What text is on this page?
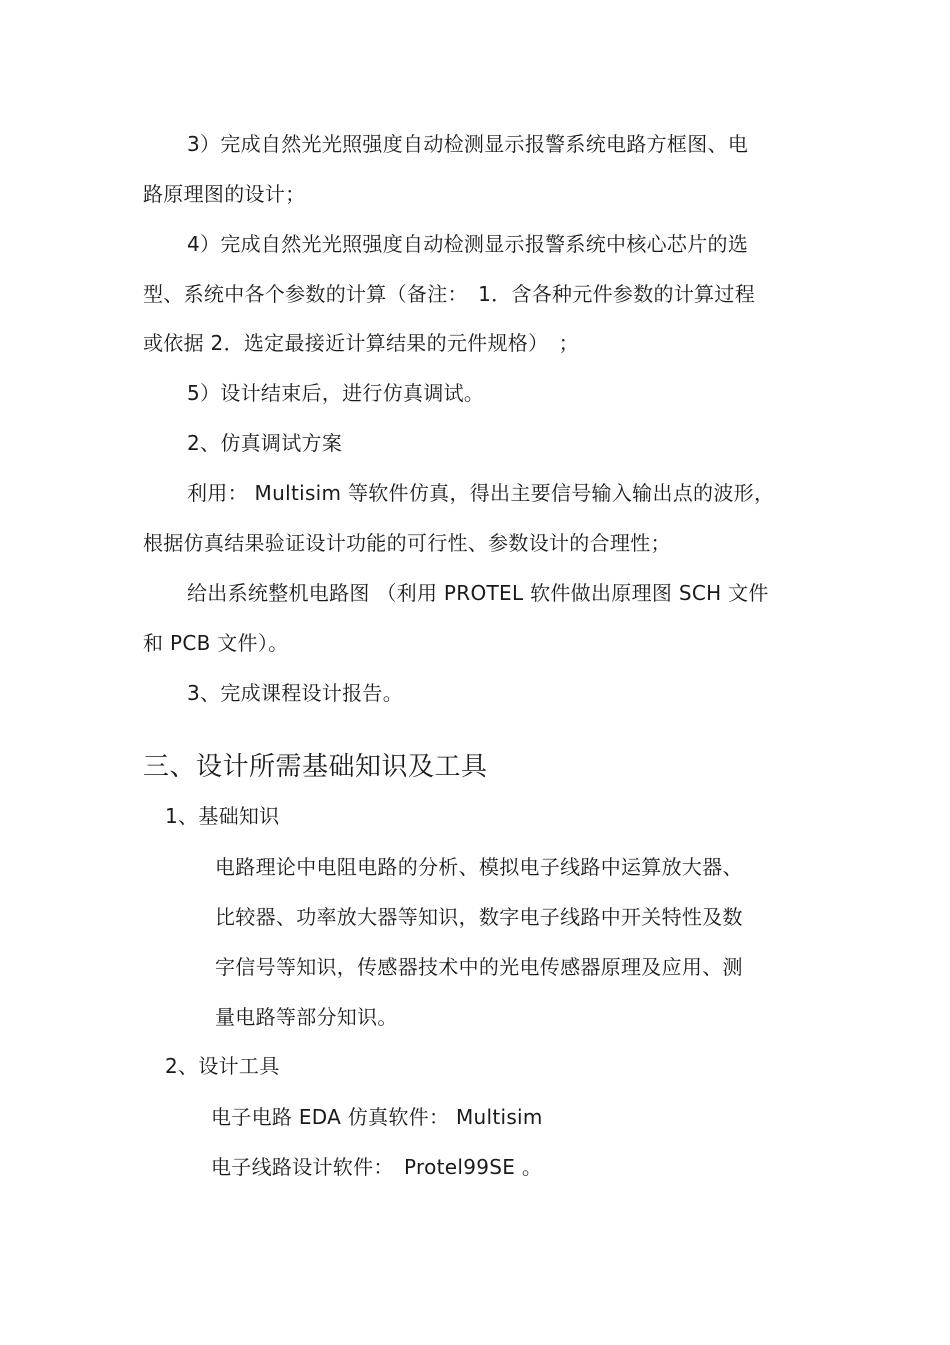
3）完成自然光光照强度自动检测显示报警系统电路方框图、电
路原理图的设计；
4）完成自然光光照强度自动检测显示报警系统中核心芯片的选
型、系统中各个参数的计算（备注：　1．含各种元件参数的计算过程
或依据 2．选定最接近计算结果的元件规格）　；
5）设计结束后，进行仿真调试。
2、仿真调试方案
利用： Multisim 等软件仿真，得出主要信号输入输出点的波形，
根据仿真结果验证设计功能的可行性、参数设计的合理性；
给出系统整机电路图 （利用 PROTEL 软件做出原理图 SCH 文件
和 PCB 文件）。
3、完成课程设计报告。
三、设计所需基础知识及工具
1、基础知识
电路理论中电阻电路的分析、模拟电子线路中运算放大器、
比较器、功率放大器等知识，数字电子线路中开关特性及数
字信号等知识，传感器技术中的光电传感器原理及应用、测
量电路等部分知识。
2、设计工具
电子电路 EDA 仿真软件： Multisim
电子线路设计软件：　Protel99SE 。
